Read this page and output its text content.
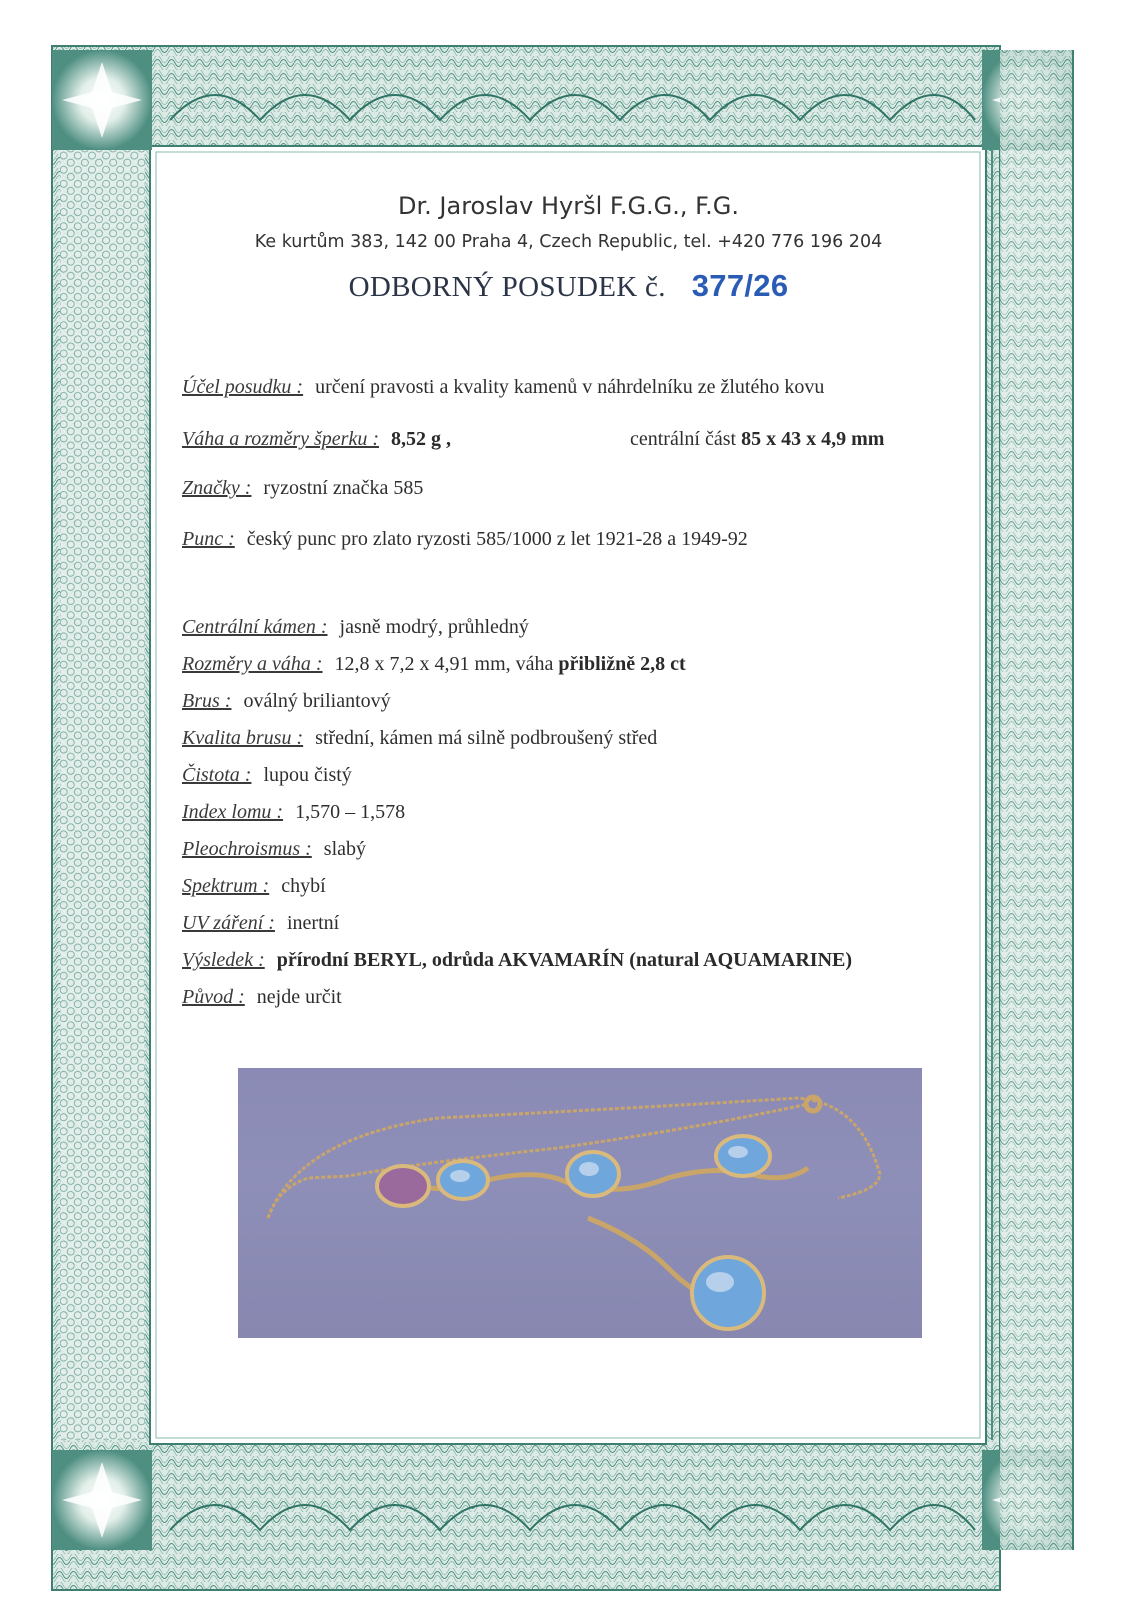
Dr. Jaroslav Hyršl F.G.G., F.G.
Ke kurtům 383, 142 00 Praha 4, Czech Republic, tel. +420 776 196 204
ODBORNÝ POSUDEK č. 377/26
Účel posudku : určení pravosti a kvality kamenů v náhrdelníku ze žlutého kovu
Váha a rozměry šperku : 8,52 g ,	centrální část 85 x 43 x 4,9 mm
Značky : ryzostní značka 585
Punc : český punc pro zlato ryzosti 585/1000 z let 1921-28 a 1949-92
Centrální kámen : jasně modrý, průhledný
Rozměry a váha : 12,8 x 7,2 x 4,91 mm, váha přibližně 2,8 ct
Brus : oválný briliantový
Kvalita brusu : střední, kámen má silně podbroušený střed
Čistota : lupou čistý
Index lomu : 1,570 – 1,578
Pleochroismus : slabý
Spektrum : chybí
UV záření : inertní
Výsledek : přírodní BERYL, odrůda AKVAMARÍN (natural AQUAMARINE)
Původ : nejde určit
